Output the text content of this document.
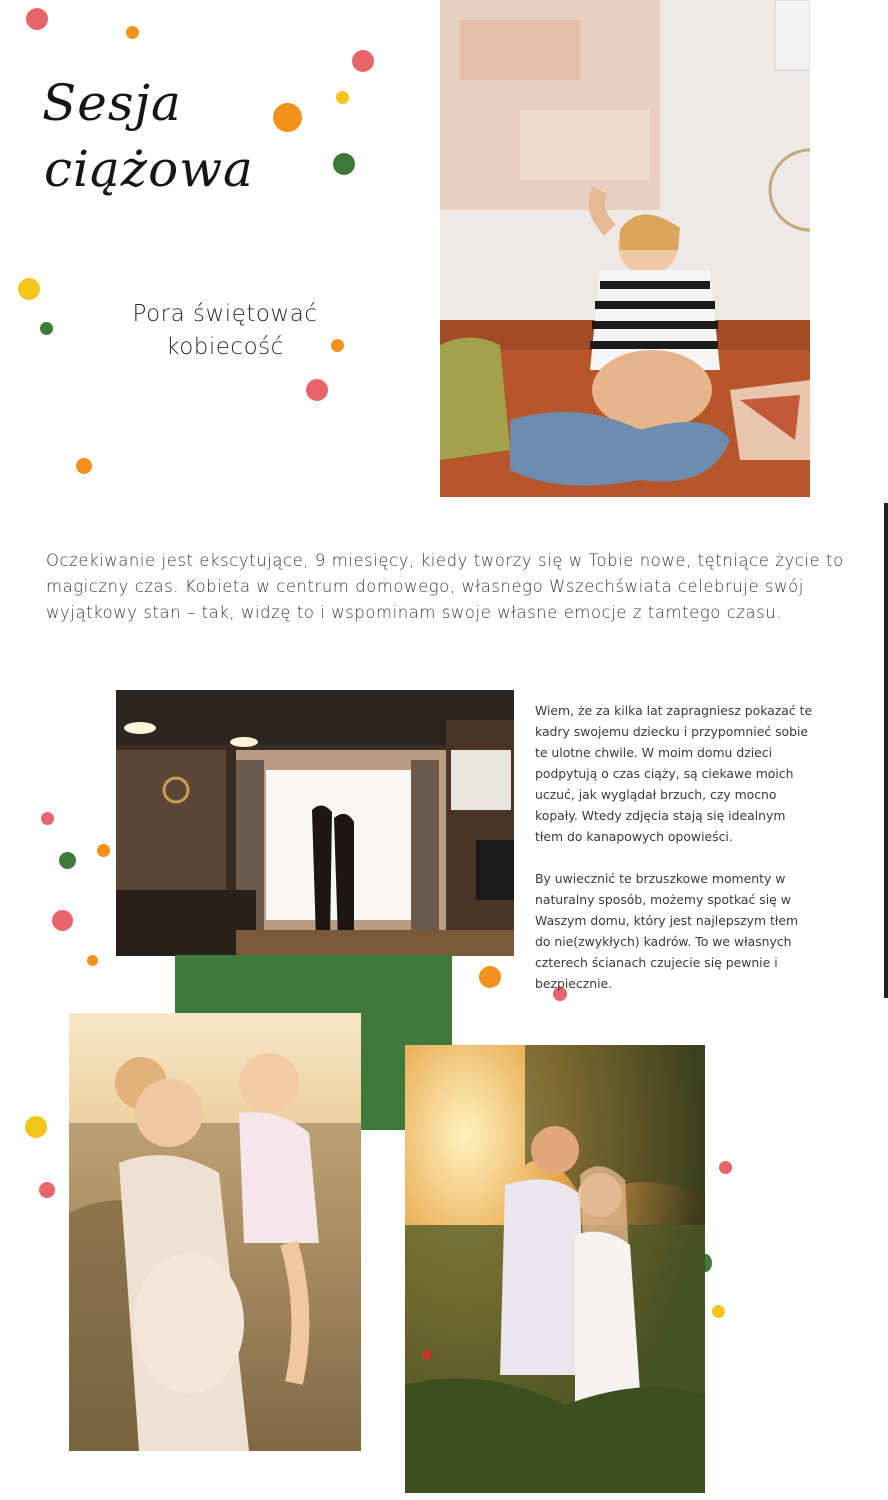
Sesja
ciążowa
Pora świętować
kobiecość
Oczekiwanie jest ekscytujące, 9 miesięcy, kiedy tworzy się w Tobie nowe, tętniące życie to magiczny czas. Kobieta w centrum domowego, własnego Wszechświata celebruje swój wyjątkowy stan – tak, widzę to i wspominam swoje własne emocje z tamtego czasu.

Wiem, że za kilka lat zapragniesz pokazać te kadry swojemu dziecku i przypomnieć sobie te ulotne chwile. W moim domu dzieci podpytują o czas ciąży, są ciekawe moich uczuć, jak wyglądał brzuch, czy mocno kopały. Wtedy zdjęcia stają się idealnym tłem do kanapowych opowieści.

By uwiecznić te brzuszkowe momenty w naturalny sposób, możemy spotkać się w Waszym domu, który jest najlepszym tłem do nie(zwykłych) kadrów. To we własnych czterech ścianach czujecie się pewnie i bezpiecznie.
